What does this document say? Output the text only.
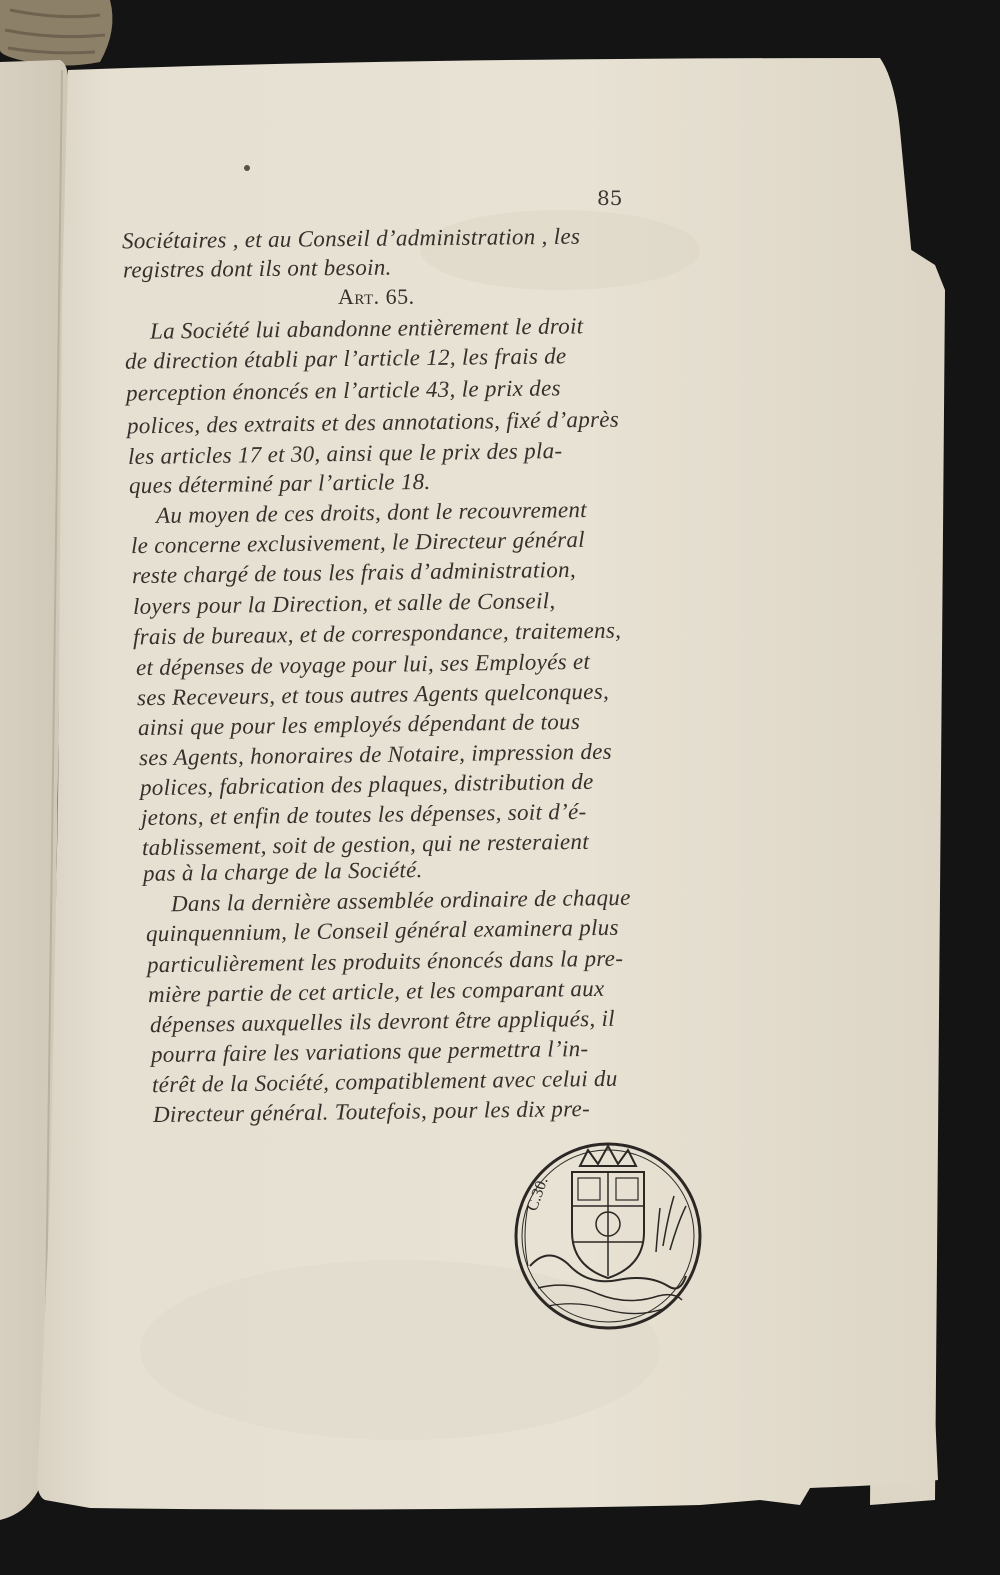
85
Sociétaires , et au Conseil d’administration , les
registres dont ils ont besoin.
Art. 65.
La Société lui abandonne entièrement le droit
de direction établi par l’article 12, les frais de
perception énoncés en l’article 43, le prix des
polices, des extraits et des annotations, fixé d’après
les articles 17 et 30, ainsi que le prix des pla-
ques déterminé par l’article 18.
Au moyen de ces droits, dont le recouvrement
le concerne exclusivement, le Directeur général
reste chargé de tous les frais d’administration,
loyers pour la Direction, et salle de Conseil,
frais de bureaux, et de correspondance, traitemens,
et dépenses de voyage pour lui, ses Employés et
ses Receveurs, et tous autres Agents quelconques,
ainsi que pour les employés dépendant de tous
ses Agents, honoraires de Notaire, impression des
polices, fabrication des plaques, distribution de
jetons, et enfin de toutes les dépenses, soit d’é-
tablissement, soit de gestion, qui ne resteraient
pas à la charge de la Société.
Dans la dernière assemblée ordinaire de chaque
quinquennium, le Conseil général examinera plus
particulièrement les produits énoncés dans la pre-
mière partie de cet article, et les comparant aux
dépenses auxquelles ils devront être appliqués, il
pourra faire les variations que permettra l’in-
térêt de la Société, compatiblement avec celui du
Directeur général. Toutefois, pour les dix pre-
C.30.
